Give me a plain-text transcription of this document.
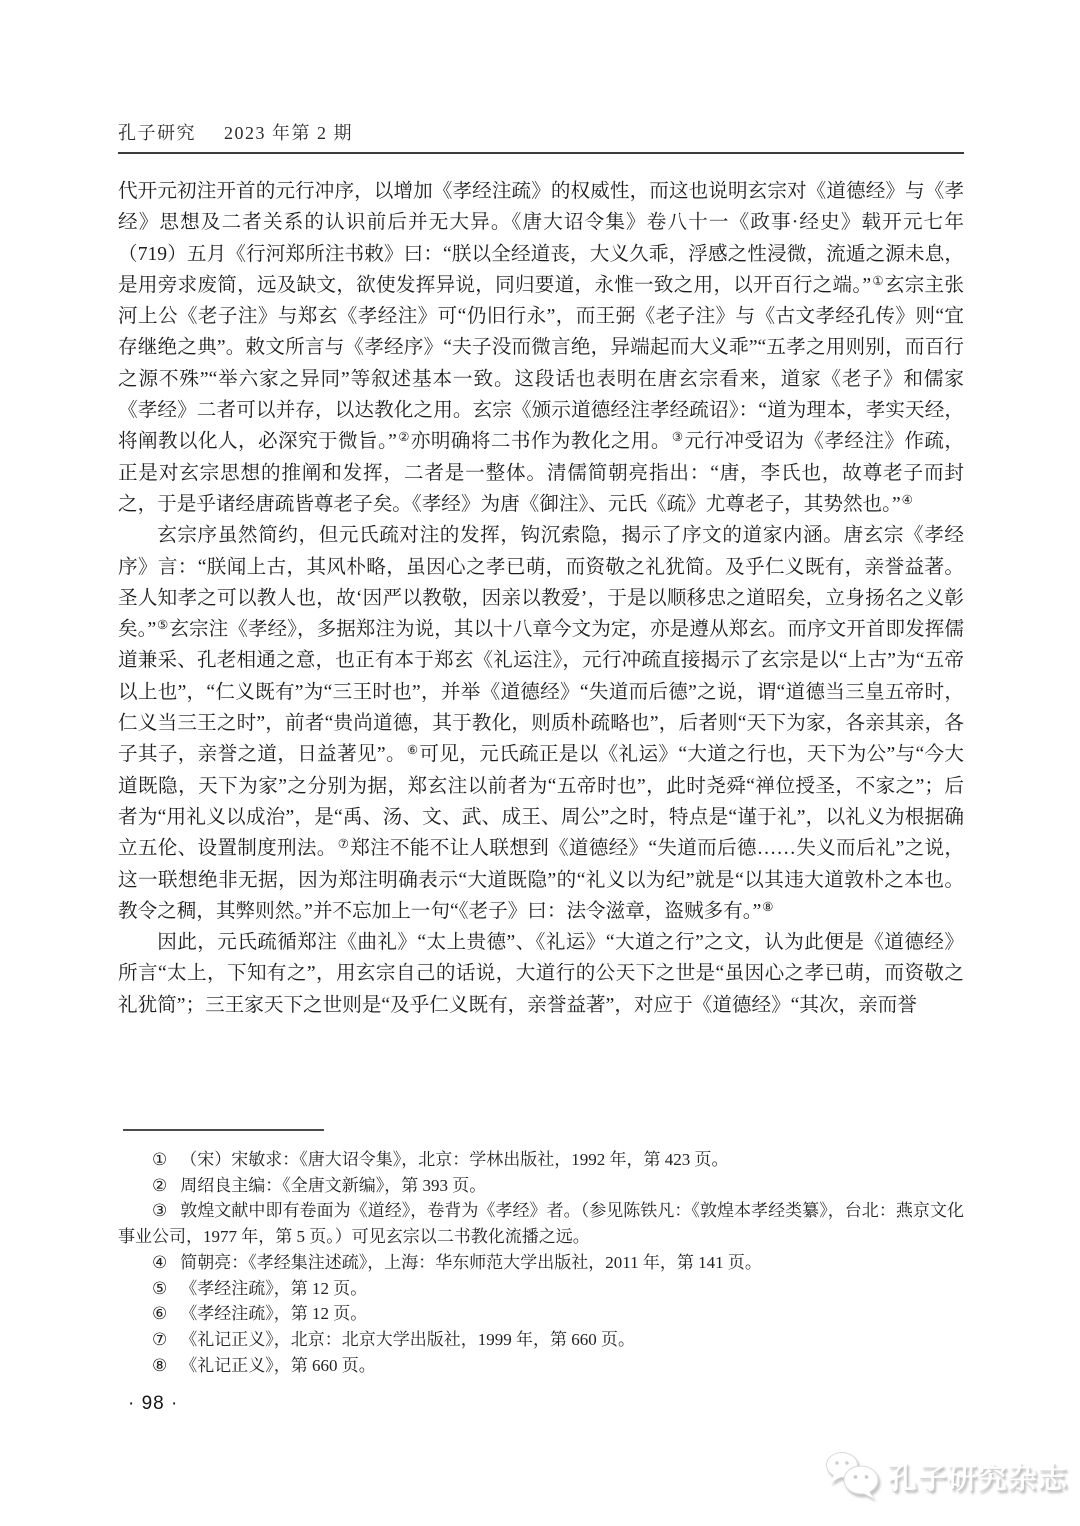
孔子研究 2023 年第 2 期

代开元初注开首的元行冲序，以增加《孝经注疏》的权威性，而这也说明玄宗对《道德经》与《孝经》思想及二者关系的认识前后并无大异。《唐大诏令集》卷八十一《政事·经史》载开元七年（719）五月《行河郑所注书敕》曰：“朕以全经道丧，大义久乖，浮感之性浸微，流遁之源未息，是用旁求废简，远及缺文，欲使发挥异说，同归要道，永惟一致之用，以开百行之端。”①玄宗主张河上公《老子注》与郑玄《孝经注》可“仍旧行永”，而王弼《老子注》与《古文孝经孔传》则“宜存继绝之典”。敕文所言与《孝经序》“夫子没而微言绝，异端起而大义乖”“五孝之用则别，而百行之源不殊”“举六家之异同”等叙述基本一致。这段话也表明在唐玄宗看来，道家《老子》和儒家《孝经》二者可以并存，以达教化之用。玄宗《颁示道德经注孝经疏诏》：“道为理本，孝实天经，将阐教以化人，必深究于微旨。”②亦明确将二书作为教化之用。③元行冲受诏为《孝经注》作疏，正是对玄宗思想的推阐和发挥，二者是一整体。清儒简朝亮指出：“唐，李氏也，故尊老子而封之，于是乎诸经唐疏皆尊老子矣。《孝经》为唐《御注》、元氏《疏》尤尊老子，其势然也。”④

玄宗序虽然简约，但元氏疏对注的发挥，钩沉索隐，揭示了序文的道家内涵。唐玄宗《孝经序》言：“朕闻上古，其风朴略，虽因心之孝已萌，而资敬之礼犹简。及乎仁义既有，亲誉益著。圣人知孝之可以教人也，故‘因严以教敬，因亲以教爱’，于是以顺移忠之道昭矣，立身扬名之义彰矣。”⑤玄宗注《孝经》，多据郑注为说，其以十八章今文为定，亦是遵从郑玄。而序文开首即发挥儒道兼采、孔老相通之意，也正有本于郑玄《礼运注》，元行冲疏直接揭示了玄宗是以“上古”为“五帝以上也”，“仁义既有”为“三王时也”，并举《道德经》“失道而后德”之说，谓“道德当三皇五帝时，仁义当三王之时”，前者“贵尚道德，其于教化，则质朴疏略也”，后者则“天下为家，各亲其亲，各子其子，亲誉之道，日益著见”。⑥可见，元氏疏正是以《礼运》“大道之行也，天下为公”与“今大道既隐，天下为家”之分别为据，郑玄注以前者为“五帝时也”，此时尧舜“禅位授圣，不家之”；后者为“用礼义以成治”，是“禹、汤、文、武、成王、周公”之时，特点是“谨于礼”，以礼义为根据确立五伦、设置制度刑法。⑦郑注不能不让人联想到《道德经》“失道而后德……失义而后礼”之说，这一联想绝非无据，因为郑注明确表示“大道既隐”的“礼义以为纪”就是“以其违大道敦朴之本也。教令之稠，其弊则然。”并不忘加上一句“《老子》曰：法令滋章，盗贼多有。”⑧

因此，元氏疏循郑注《曲礼》“太上贵德”、《礼运》“大道之行”之文，认为此便是《道德经》所言“太上，下知有之”，用玄宗自己的话说，大道行的公天下之世是“虽因心之孝已萌，而资敬之礼犹简”；三王家天下之世则是“及乎仁义既有，亲誉益著”，对应于《道德经》“其次，亲而誉

① （宋）宋敏求：《唐大诏令集》，北京：学林出版社，1992 年，第 423 页。

② 周绍良主编：《全唐文新编》，第 393 页。

③ 敦煌文献中即有卷面为《道经》，卷背为《孝经》者。（参见陈铁凡：《敦煌本孝经类纂》，台北：燕京文化事业公司，1977 年，第 5 页。）可见玄宗以二书教化流播之远。

④ 简朝亮：《孝经集注述疏》，上海：华东师范大学出版社，2011 年，第 141 页。

⑤ 《孝经注疏》，第 12 页。

⑥ 《孝经注疏》，第 12 页。

⑦ 《礼记正义》，北京：北京大学出版社，1999 年，第 660 页。

⑧ 《礼记正义》，第 660 页。

· 98 ·
孔子研究杂志
